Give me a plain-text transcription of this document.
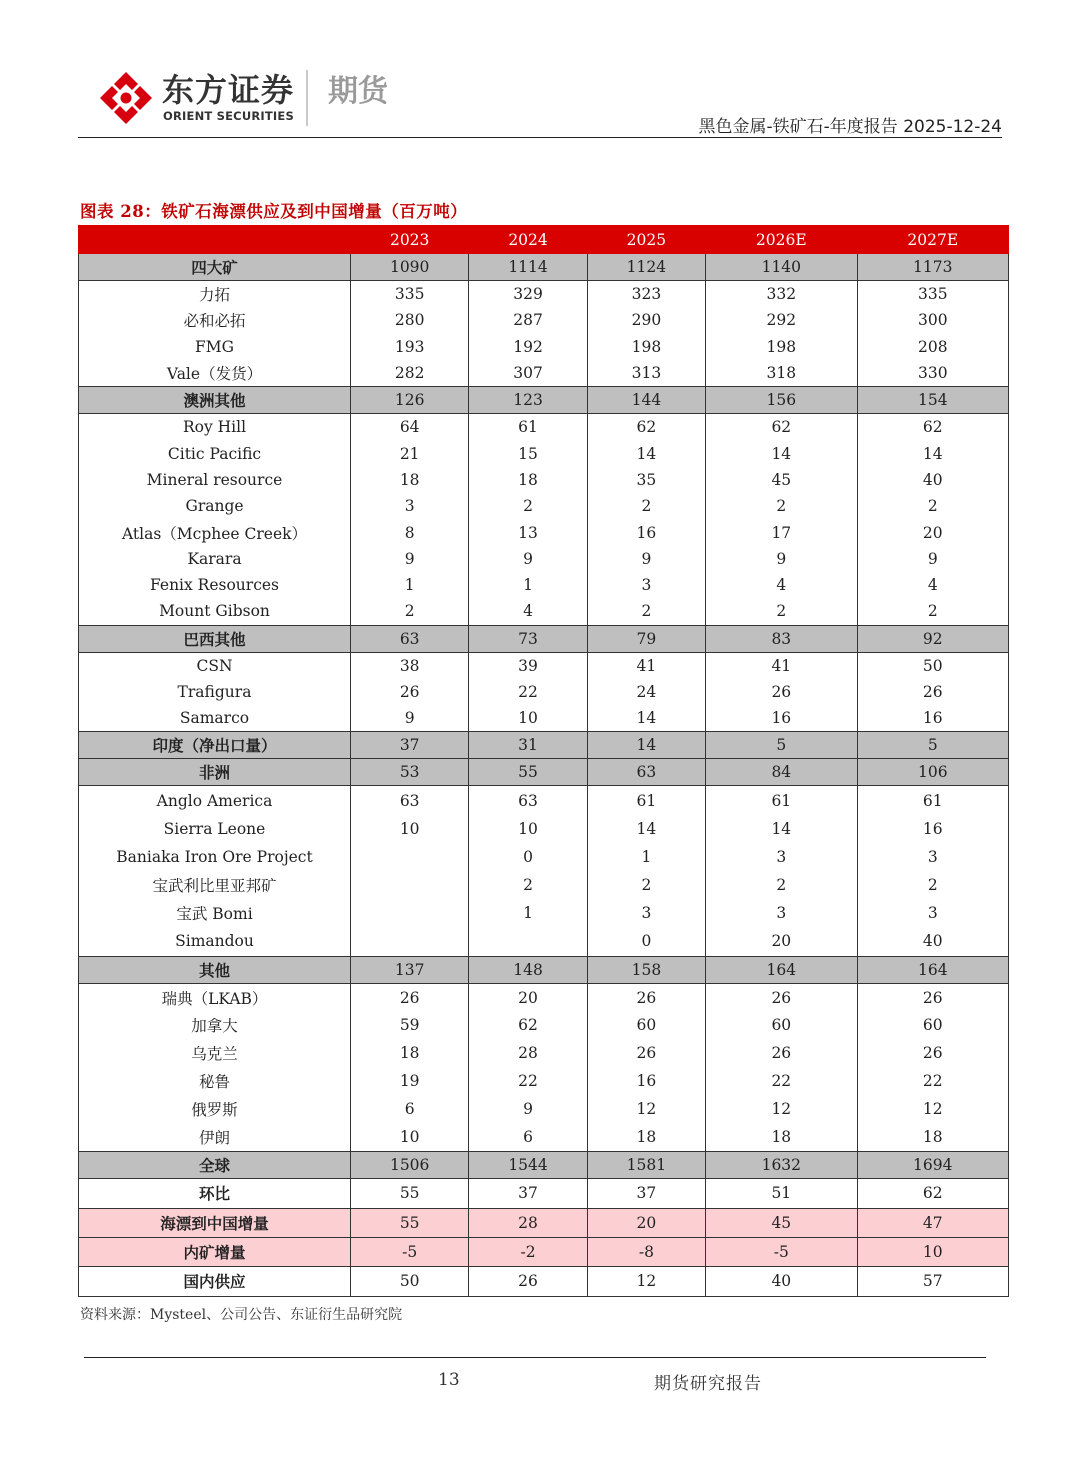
东方证券
ORIENT SECURITIES
期货
黑色金属-铁矿石-年度报告 2025-12-24
图表 28：铁矿石海漂供应及到中国增量（百万吨）
	2023	2024	2025	2026E	2027E
四大矿	1090	1114	1124	1140	1173
力拓	335	329	323	332	335
必和必拓	280	287	290	292	300
FMG	193	192	198	198	208
Vale（发货）	282	307	313	318	330
澳洲其他	126	123	144	156	154
Roy Hill	64	61	62	62	62
Citic Pacific	21	15	14	14	14
Mineral resource	18	18	35	45	40
Grange	3	2	2	2	2
Atlas（Mcphee Creek）	8	13	16	17	20
Karara	9	9	9	9	9
Fenix Resources	1	1	3	4	4
Mount Gibson	2	4	2	2	2
巴西其他	63	73	79	83	92
CSN	38	39	41	41	50
Trafigura	26	22	24	26	26
Samarco	9	10	14	16	16
印度（净出口量）	37	31	14	5	5
非洲	53	55	63	84	106
Anglo America	63	63	61	61	61
Sierra Leone	10	10	14	14	16
Baniaka Iron Ore Project		0	1	3	3
宝武利比里亚邦矿		2	2	2	2
宝武 Bomi		1	3	3	3
Simandou			0	20	40
其他	137	148	158	164	164
瑞典（LKAB）	26	20	26	26	26
加拿大	59	62	60	60	60
乌克兰	18	28	26	26	26
秘鲁	19	22	16	22	22
俄罗斯	6	9	12	12	12
伊朗	10	6	18	18	18
全球	1506	1544	1581	1632	1694
环比	55	37	37	51	62
海漂到中国增量	55	28	20	45	47
内矿增量	-5	-2	-8	-5	10
国内供应	50	26	12	40	57
资料来源：Mysteel、公司公告、东证衍生品研究院
13	期货研究报告
